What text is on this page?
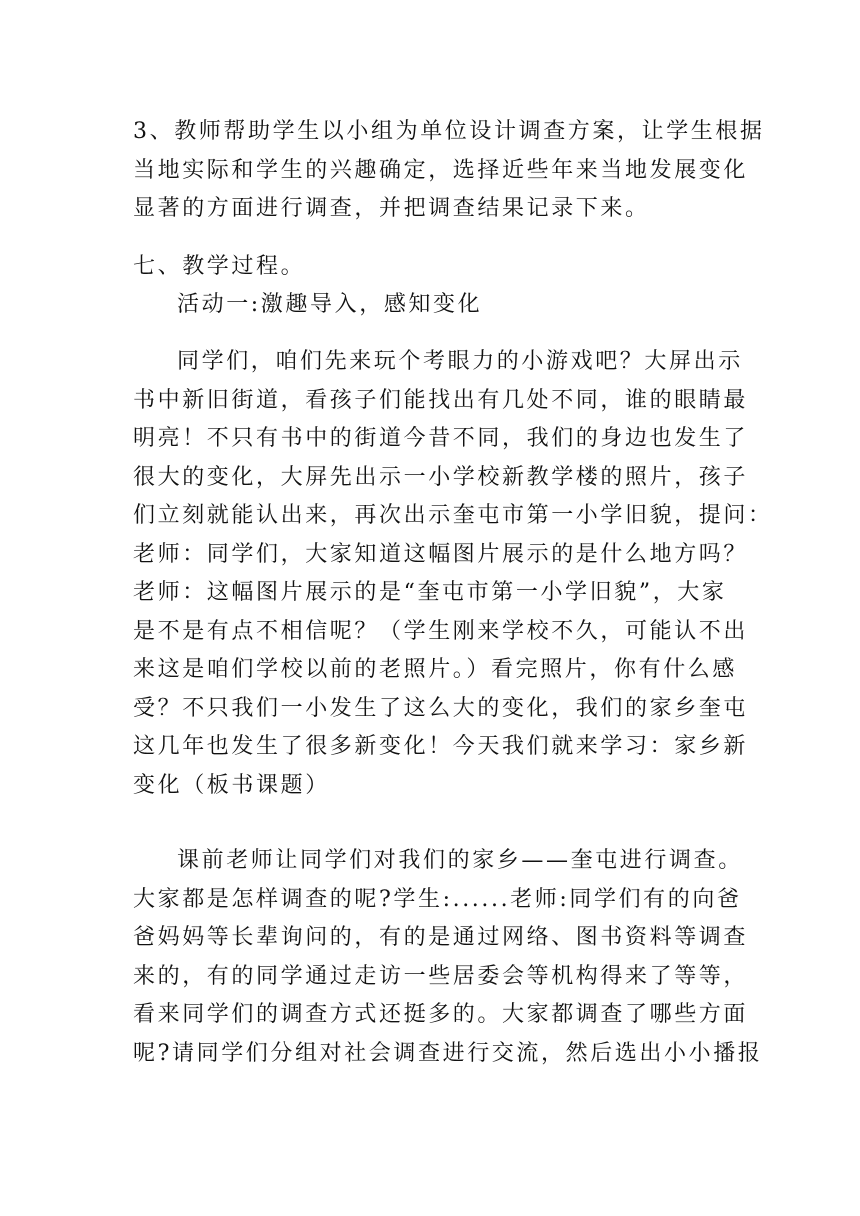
3、教师帮助学生以小组为单位设计调查方案，让学生根据
当地实际和学生的兴趣确定，选择近些年来当地发展变化
显著的方面进行调查，并把调查结果记录下来。
七、教学过程。
活动一:激趣导入，感知变化
同学们，咱们先来玩个考眼力的小游戏吧？大屏出示
书中新旧街道，看孩子们能找出有几处不同，谁的眼睛最
明亮！不只有书中的街道今昔不同，我们的身边也发生了
很大的变化，大屏先出示一小学校新教学楼的照片，孩子
们立刻就能认出来，再次出示奎屯市第一小学旧貌，提问：
老师：同学们，大家知道这幅图片展示的是什么地方吗？
老师：这幅图片展示的是“奎屯市第一小学旧貌”，大家
是不是有点不相信呢？（学生刚来学校不久，可能认不出
来这是咱们学校以前的老照片。）看完照片，你有什么感
受？不只我们一小发生了这么大的变化，我们的家乡奎屯
这几年也发生了很多新变化！今天我们就来学习：家乡新
变化（板书课题）
课前老师让同学们对我们的家乡——奎屯进行调查。
大家都是怎样调查的呢?学生:......老师:同学们有的向爸
爸妈妈等长辈询问的，有的是通过网络、图书资料等调查
来的，有的同学通过走访一些居委会等机构得来了等等，
看来同学们的调查方式还挺多的。大家都调查了哪些方面
呢?请同学们分组对社会调查进行交流，然后选出小小播报
